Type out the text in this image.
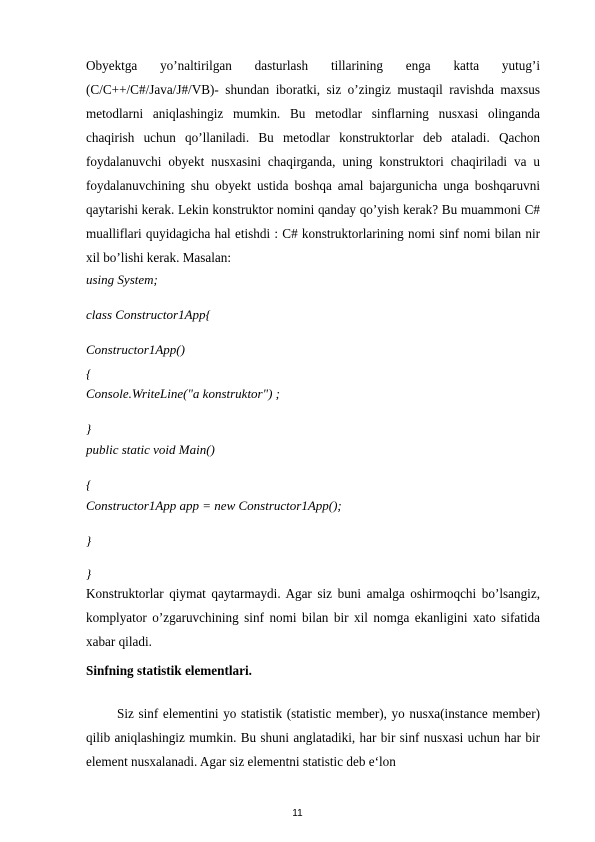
Obyektga yo’naltirilgan dasturlash tillarining enga katta yutug’i (C/C++/C#/Java/J#/VB)- shundan iboratki, siz o’zingiz mustaqil ravishda maxsus metodlarni aniqlashingiz mumkin. Bu metodlar sinflarning nusxasi olinganda chaqirish uchun qo’llaniladi. Bu metodlar konstruktorlar deb ataladi. Qachon foydalanuvchi obyekt nusxasini chaqirganda, uning konstruktori chaqiriladi va u foydalanuvchining shu obyekt ustida boshqa amal bajargunicha unga boshqaruvni qaytarishi kerak. Lekin konstruktor nomini qanday qo’yish kerak? Bu muammoni C# mualliflari quyidagicha hal etishdi : C# konstruktorlarining nomi sinf nomi bilan nir xil bo’lishi kerak. Masalan:
using System;
class Constructor1App{
Constructor1App()
{
Console.WriteLine("a konstruktor") ;
}
public static void Main()
{
Constructor1App app = new Constructor1App();
}
}
Konstruktorlar qiymat qaytarmaydi. Agar siz buni amalga oshirmoqchi bo’lsangiz, komplyator o’zgaruvchining sinf nomi bilan bir xil nomga ekanligini xato sifatida xabar qiladi.
Sinfning statistik elementlari.
Siz sinf elementini yo statistik (statistic member), yo nusxa(instance member) qilib aniqlashingiz mumkin. Bu shuni anglatadiki, har bir sinf nusxasi uchun har bir element nusxalanadi. Agar siz elementni statistic deb e‘lon
11
